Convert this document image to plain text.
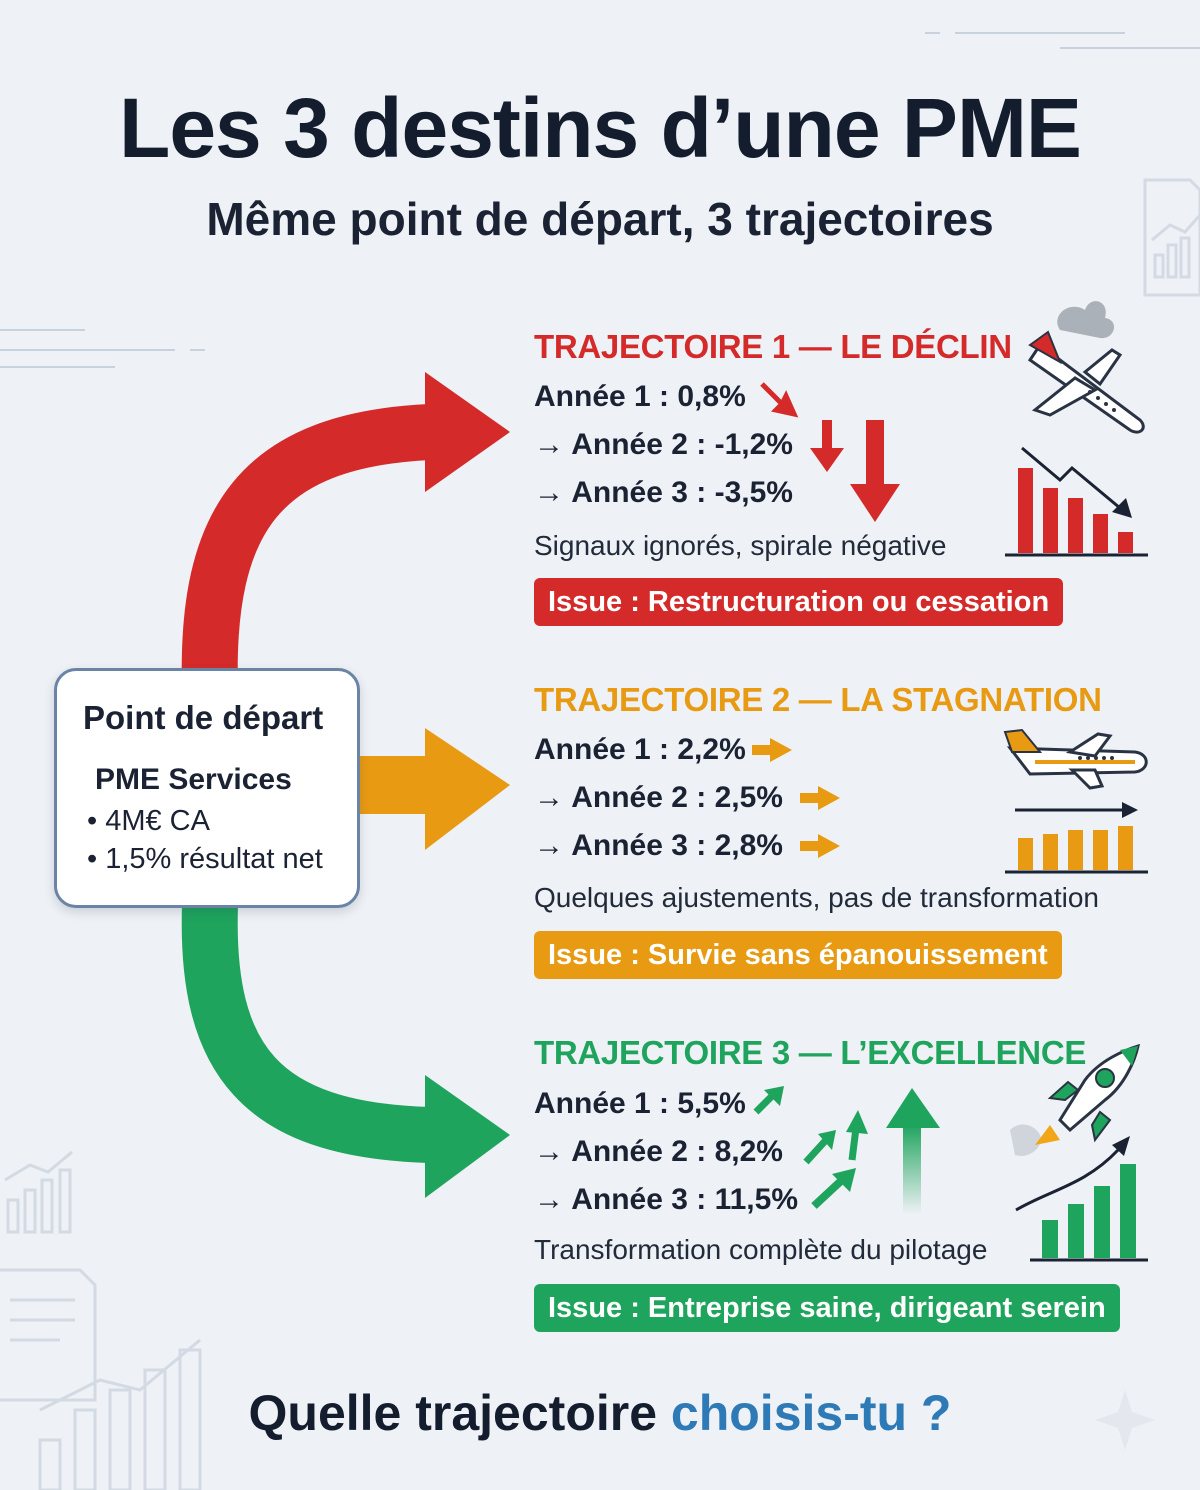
Les 3 destins d’une PME
Même point de départ, 3 trajectoires
Point de départ
PME Services
• 4M€ CA
• 1,5% résultat net
TRAJECTOIRE 1 — LE DÉCLIN
Année 1 : 0,8%
→ Année 2 : -1,2%
→ Année 3 : -3,5%
Signaux ignorés, spirale négative
Issue : Restructuration ou cessation
TRAJECTOIRE 2 — LA STAGNATION
Année 1 : 2,2%
→ Année 2 : 2,5%
→ Année 3 : 2,8%
Quelques ajustements, pas de transformation
Issue : Survie sans épanouissement
TRAJECTOIRE 3 — L’EXCELLENCE
Année 1 : 5,5%
→ Année 2 : 8,2%
→ Année 3 : 11,5%
Transformation complète du pilotage
Issue : Entreprise saine, dirigeant serein
Quelle trajectoire choisis-tu ?
